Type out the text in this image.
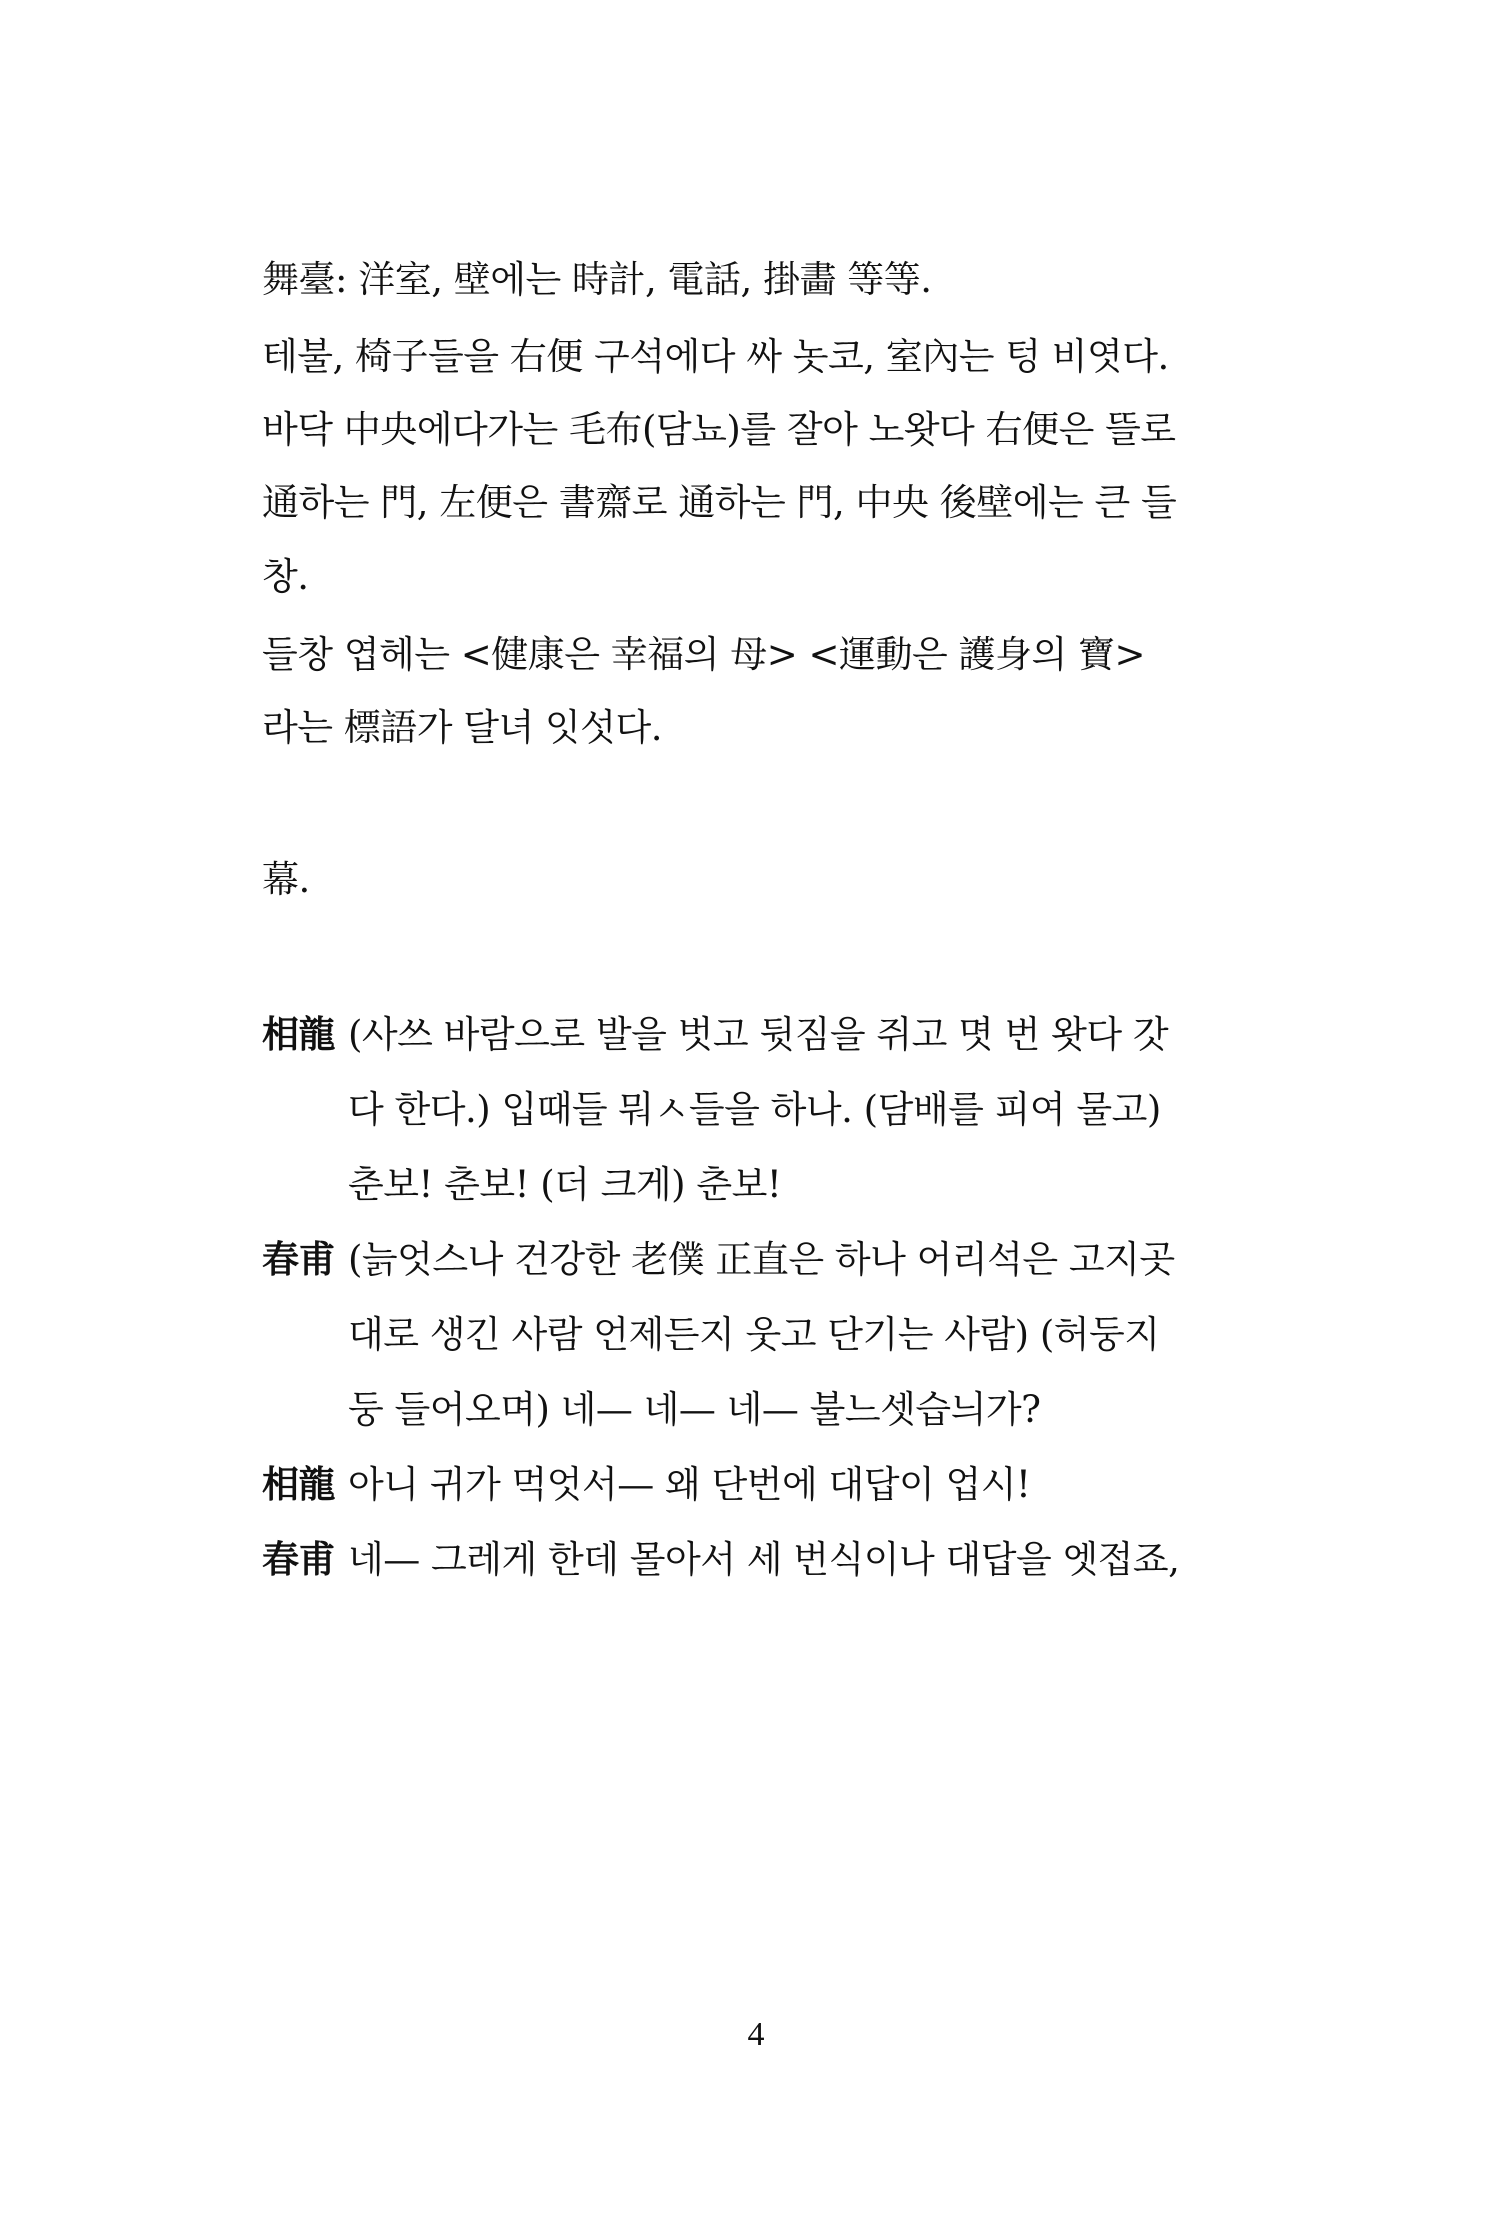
舞臺: 洋室, 壁에는 時計, 電話, 掛畵 等等.
테불, 椅子들을 右便 구석에다 싸 놋코, 室內는 텅 비엿다.
바닥 中央에다가는 毛布(담뇨)를 잘아 노왓다 右便은 뜰로
通하는 門, 左便은 書齋로 通하는 門, 中央 後壁에는 큰 들
창.
들창 엽헤는 <健康은 幸福의 母> <運動은 護身의 寶>
라는 標語가 달녀 잇섯다.
幕.
相龍 (사쓰 바람으로 발을 벗고 뒷짐을 쥐고 몃 번 왓다 갓
다 한다.) 입때들 뭐ㅅ들을 하나. (담배를 피여 물고)
춘보! 춘보! (더 크게) 춘보!
春甫 (늙엇스나 건강한 老僕 正直은 하나 어리석은 고지곳
대로 생긴 사람 언제든지 웃고 단기는 사람) (허둥지
둥 들어오며) 네— 네— 네— 불느셋습늬가?
相龍 아니 귀가 먹엇서— 왜 단번에 대답이 업시!
春甫 네— 그레게 한데 몰아서 세 번식이나 대답을 엣접죠,
4
